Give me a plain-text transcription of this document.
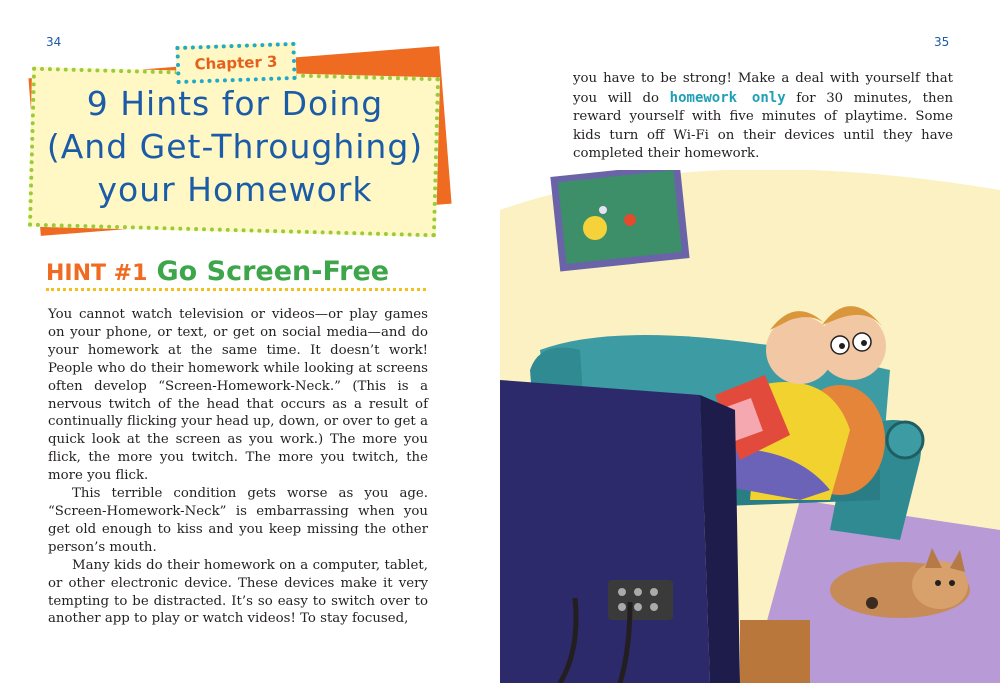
34	35
Chapter 3
9 Hints for Doing
(And Get-Throughing)
your Homework
HINT #1 Go Screen-Free

You cannot watch television or videos—or play games on your phone, or text, or get on social media—and do your homework at the same time. It doesn’t work! People who do their homework while looking at screens often develop “Screen-Homework-Neck.” (This is a nervous twitch of the head that occurs as a result of continually flicking your head up, down, or over to get a quick look at the screen as you work.) The more you flick, the more you twitch. The more you twitch, the more you flick.

This terrible condition gets worse as you age. “Screen-Homework-Neck” is embarrassing when you get old enough to kiss and you keep missing the other person’s mouth.

Many kids do their homework on a computer, tablet, or other electronic device. These devices make it very tempting to be distracted. It’s so easy to switch over to another app to play or watch videos! To stay focused,

you have to be strong! Make a deal with yourself that you will do homework only for 30 minutes, then reward yourself with five minutes of playtime. Some kids turn off Wi-Fi on their devices until they have completed their homework.
